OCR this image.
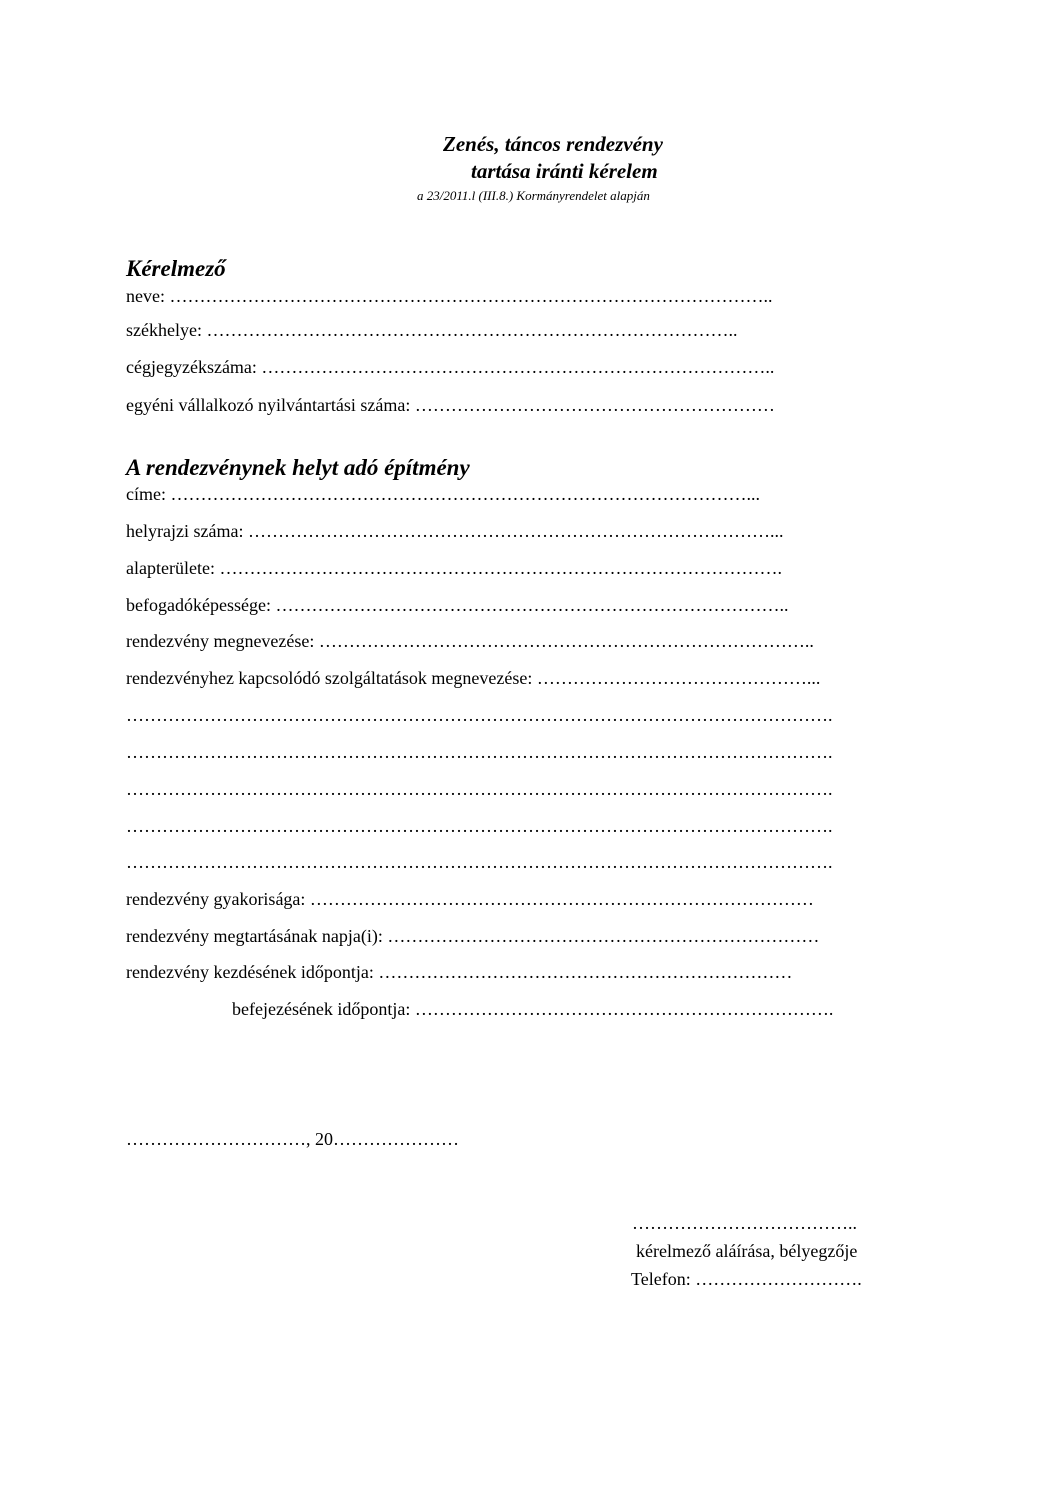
Zenés, táncos rendezvény
tartása iránti kérelem
a 23/2011.l (III.8.) Kormányrendelet alapján
Kérelmező
neve: ………………………………………………………………………………………..
székhelye: ……………………………………………………………………………..
cégjegyzékszáma: …………………………………………………………………………..
egyéni vállalkozó nyilvántartási száma: ……………………………………………………
A rendezvénynek helyt adó építmény
címe: ……………………………………………………………………………………...
helyrajzi száma: ……………………………………………………………………………...
alapterülete: ………………………………………………………………………………….
befogadóképessége: …………………………………………………………………………..
rendezvény megnevezése: ………………………………………………………………………..
rendezvényhez kapcsolódó szolgáltatások megnevezése: ………………………………………...
……………………………………………………………………………………………………….
……………………………………………………………………………………………………….
……………………………………………………………………………………………………….
……………………………………………………………………………………………………….
……………………………………………………………………………………………………….
rendezvény gyakorisága: …………………………………………………………………………
rendezvény megtartásának napja(i): ………………………………………………………………
rendezvény kezdésének időpontja: ……………………………………………………………
befejezésének időpontja: …………………………………………………………….
…………………………, 20…………………
………………………………..
kérelmező aláírása, bélyegzője
Telefon: ……………………….
